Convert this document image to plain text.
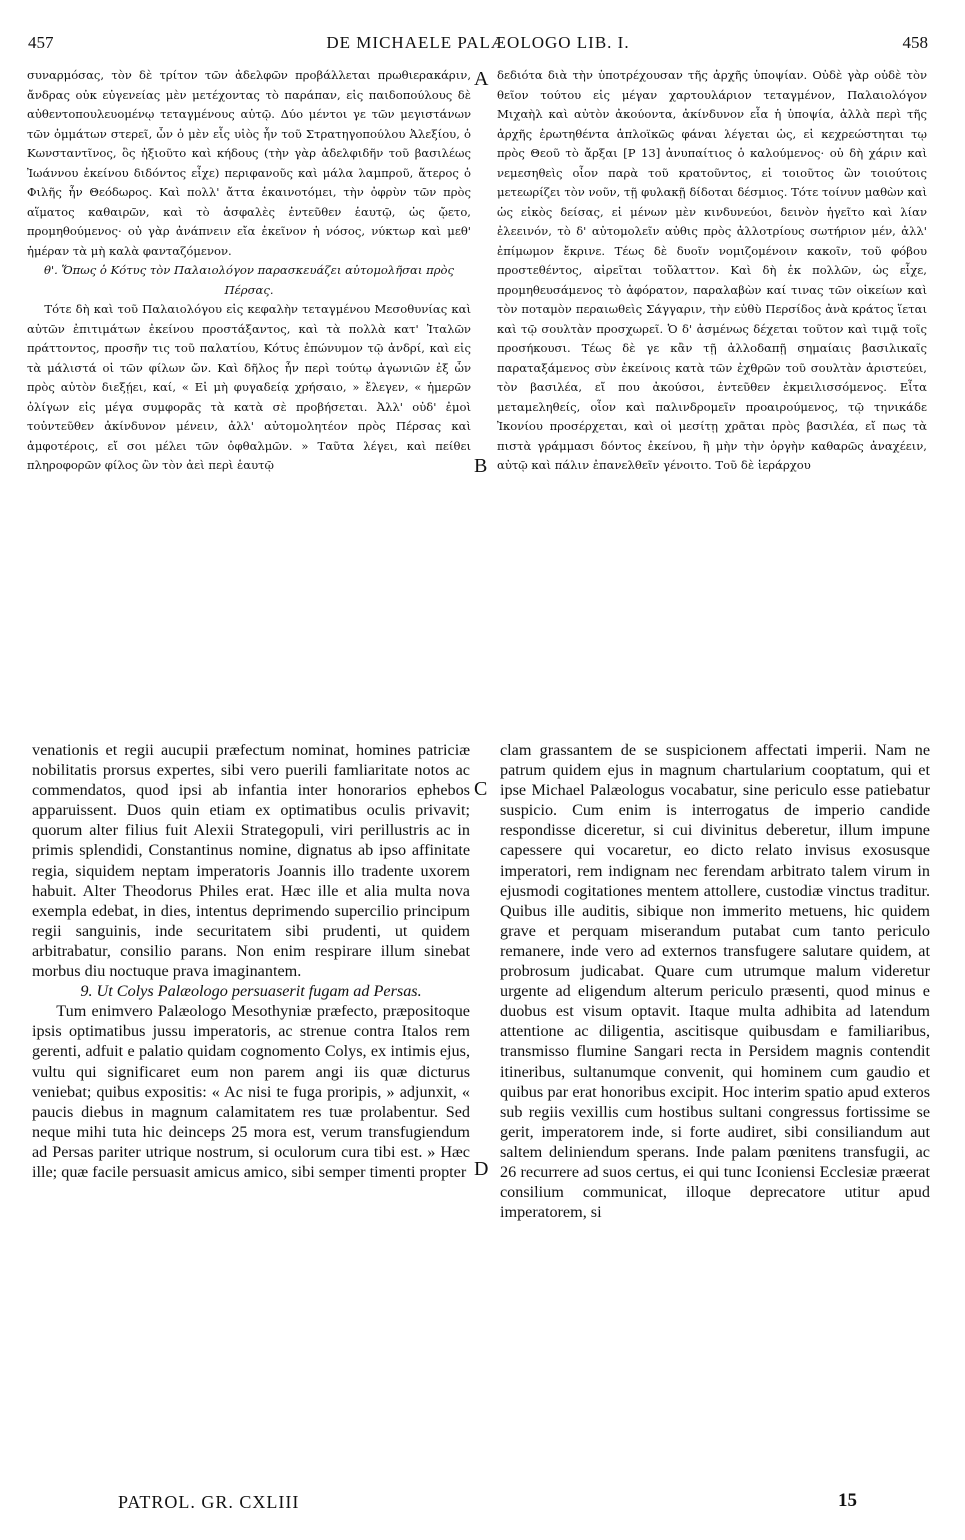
457	DE MICHAELE PALÆOLOGO LIB. I.	458

συναρμόσας, τὸν δὲ τρίτον τῶν ἀδελφῶν προβάλλεται πρωθιερακάριν, ἄνδρας οὐκ εὐγενείας μὲν μετέχοντας τὸ παράπαν, εἰς παιδοπούλους δὲ αὐθεντοπουλευομένῳ τεταγμένους αὐτῷ. Δύο μέντοι γε τῶν μεγιστάνων τῶν ὀμμάτων στερεῖ, ὧν ὁ μὲν εἷς υἱὸς ἦν τοῦ Στρατηγοπούλου Ἀλεξίου, ὁ Κωνσταντῖνος, ὃς ἠξιοῦτο καὶ κήδους (τὴν γὰρ ἀδελφιδῆν τοῦ βασιλέως Ἰωάννου ἐκείνου διδόντος εἶχε) περιφανοῦς καὶ μάλα λαμπροῦ, ἅτερος ὁ Φιλῆς ἦν Θεόδωρος. Καὶ πολλ' ἄττα ἐκαινοτόμει, τὴν ὀφρὺν τῶν πρὸς αἵματος καθαιρῶν, καὶ τὸ ἀσφαλὲς ἐντεῦθεν ἑαυτῷ, ὡς ᾤετο, προμηθούμενος· οὐ γὰρ ἀνάπνειν εἴα ἐκεῖνον ἡ νόσος, νύκτωρ καὶ μεθ' ἡμέραν τὰ μὴ καλὰ φανταζόμενον.

θ'. Ὅπως ὁ Κότυς τὸν Παλαιολόγον παρασκευάζει αὐτομολῆσαι πρὸς Πέρσας.

Τότε δὴ καὶ τοῦ Παλαιολόγου εἰς κεφαλὴν τεταγμένου Μεσοθυνίας καὶ αὐτῶν ἐπιτιμάτων ἐκείνου προστάξαντος, καὶ τὰ πολλὰ κατ' Ἰταλῶν πράττοντος, προσῆν τις τοῦ παλατίου, Κότυς ἐπώνυμον τῷ ἀνδρί, καὶ εἰς τὰ μάλιστά οἱ τῶν φίλων ὤν. Καὶ δῆλος ἦν περὶ τούτῳ ἀγωνιῶν ἐξ ὧν πρὸς αὐτὸν διεξῄει, καί, « Εἰ μὴ φυγαδείᾳ χρήσαιο, » ἔλεγεν, « ἡμερῶν ὀλίγων εἰς μέγα συμφορᾶς τὰ κατὰ σὲ προβήσεται. Ἀλλ' οὐδ' ἐμοὶ τοὐντεῦθεν ἀκίνδυνον μένειν, ἀλλ' αὐτομολητέον πρὸς Πέρσας καὶ ἀμφοτέροις, εἴ σοι μέλει τῶν ὀφθαλμῶν. » Ταῦτα λέγει, καὶ πείθει πληροφορῶν φίλος ὢν τὸν ἀεὶ περὶ ἑαυτῷ

δεδιότα διὰ τὴν ὑποτρέχουσαν τῆς ἀρχῆς ὑποψίαν. Οὐδὲ γὰρ οὐδὲ τὸν θεῖον τούτου εἰς μέγαν χαρτουλάριον τεταγμένον, Παλαιολόγον Μιχαὴλ καὶ αὐτὸν ἀκούοντα, ἀκίνδυνον εἶα ἡ ὑποψία, ἀλλὰ περὶ τῆς ἀρχῆς ἐρωτηθέντα ἁπλοϊκῶς φάναι λέγεται ὡς, εἰ κεχρεώστηται τῳ πρὸς Θεοῦ τὸ ἄρξαι [P 13] ἀνυπαίτιος ὁ καλούμενος· οὐ δὴ χάριν καὶ νεμεσηθεὶς οἷον παρὰ τοῦ κρατοῦντος, εἰ τοιοῦτος ὢν τοιούτοις μετεωρίζει τὸν νοῦν, τῇ φυλακῇ δίδοται δέσμιος. Τότε τοίνυν μαθὼν καὶ ὡς εἰκὸς δείσας, εἰ μένων μὲν κινδυνεύοι, δεινὸν ἡγεῖτο καὶ λίαν ἐλεεινόν, τὸ δ' αὐτομολεῖν αὐθις πρὸς ἀλλοτρίους σωτήριον μέν, ἀλλ' ἐπίμωμον ἔκρινε. Τέως δὲ δυοῖν νομιζομένοιν κακοῖν, τοῦ φόβου προστεθέντος, αἱρεῖται τοὔλαττον. Καὶ δὴ ἐκ πολλῶν, ὡς εἶχε, προμηθευσάμενος τὸ ἀφόρατον, παραλαβὼν καί τινας τῶν οἰκείων καὶ τὸν ποταμὸν περαιωθεὶς Σάγγαριν, τὴν εὐθὺ Περσίδος ἀνὰ κράτος ἵεται καὶ τῷ σουλτὰν προσχωρεῖ. Ὁ δ' ἀσμένως δέχεται τοῦτον καὶ τιμᾷ τοῖς προσήκουσι. Τέως δὲ γε κἂν τῇ ἀλλοδαπῇ σημαίαις βασιλικαῖς παραταξάμενος σὺν ἐκείνοις κατὰ τῶν ἐχθρῶν τοῦ σουλτὰν ἀριστεύει, τὸν βασιλέα, εἴ που ἀκούσοι, ἐντεῦθεν ἐκμειλισσόμενος. Εἶτα μεταμεληθείς, οἷον καὶ παλινδρομεῖν προαιρούμενος, τῷ τηνικάδε Ἰκονίου προσέρχεται, καὶ οἱ μεσίτῃ χρᾶται πρὸς βασιλέα, εἴ πως τὰ πιστὰ γράμμασι δόντος ἐκείνου, ἢ μὴν τὴν ὀργὴν καθαρῶς ἀναχέειν, αὐτῷ καὶ πάλιν ἐπανελθεῖν γένοιτο. Τοῦ δὲ ἱεράρχου

venationis et regii aucupii præfectum nominat, homines patriciæ nobilitatis prorsus expertes, sibi vero puerili famliaritate notos ac commendatos, quod ipsi ab infantia inter honorarios ephebos apparuissent. Duos quin etiam ex optimatibus oculis privavit; quorum alter filius fuit Alexii Strategopuli, viri perillustris ac in primis splendidi, Constantinus nomine, dignatus ab ipso affinitate regia, siquidem neptam imperatoris Joannis illo tradente uxorem habuit. Alter Theodorus Philes erat. Hæc ille et alia multa nova exempla edebat, in dies, intentus deprimendo supercilio principum regii sanguinis, inde securitatem sibi prudenti, ut quidem arbitrabatur, consilio parans. Non enim respirare illum sinebat morbus diu noctuque prava imaginantem.

9. Ut Colys Palæologo persuaserit fugam ad Persas.

Tum enimvero Palæologo Mesothyniæ præfecto, præpositoque ipsis optimatibus jussu imperatoris, ac strenue contra Italos rem gerenti, adfuit e palatio quidam cognomento Colys, ex intimis ejus, vultu qui significaret eum non parem angi iis quæ dicturus veniebat; quibus expositis: « Ac nisi te fuga proripis, » adjunxit, « paucis diebus in magnum calamitatem res tuæ prolabentur. Sed neque mihi tuta hic deinceps 25 mora est, verum transfugiendum ad Persas pariter utrique nostrum, si oculorum cura tibi est. » Hæc ille; quæ facile persuasit amicus amico, sibi semper timenti propter

clam grassantem de se suspicionem affectati imperii. Nam ne patrum quidem ejus in magnum chartularium cooptatum, qui et ipse Michael Palæologus vocabatur, sine periculo esse patiebatur suspicio. Cum enim is interrogatus de imperio candide respondisse diceretur, si cui divinitus deberetur, illum impune capessere qui vocaretur, eo dicto relato invisus exosusque imperatori, rem indignam nec ferendam arbitrato talem virum in ejusmodi cogitationes mentem attollere, custodiæ vinctus traditur. Quibus ille auditis, sibique non immerito metuens, hic quidem grave et perquam miserandum putabat cum tanto periculo remanere, inde vero ad externos transfugere salutare quidem, at probrosum judicabat. Quare cum utrumque malum videretur urgente ad eligendum alterum periculo præsenti, quod minus e duobus est visum optavit. Itaque multa adhibita ad latendum attentione ac diligentia, ascitisque quibusdam e familiaribus, transmisso flumine Sangari recta in Persidem magnis contendit itineribus, sultanumque convenit, qui hominem cum gaudio et quibus par erat honoribus excipit. Hoc interim spatio apud exteros sub regiis vexillis cum hostibus sultani congressus fortissime se gerit, imperatorem inde, si forte audiret, sibi consiliandum aut saltem deliniendum sperans. Inde palam pœnitens transfugii, ac 26 recurrere ad suos certus, ei qui tunc Iconiensi Ecclesiæ præerat consilium communicat, illoque deprecatore utitur apud imperatorem, si

A
B
C
D
PATROL. GR. CXLIII	15
